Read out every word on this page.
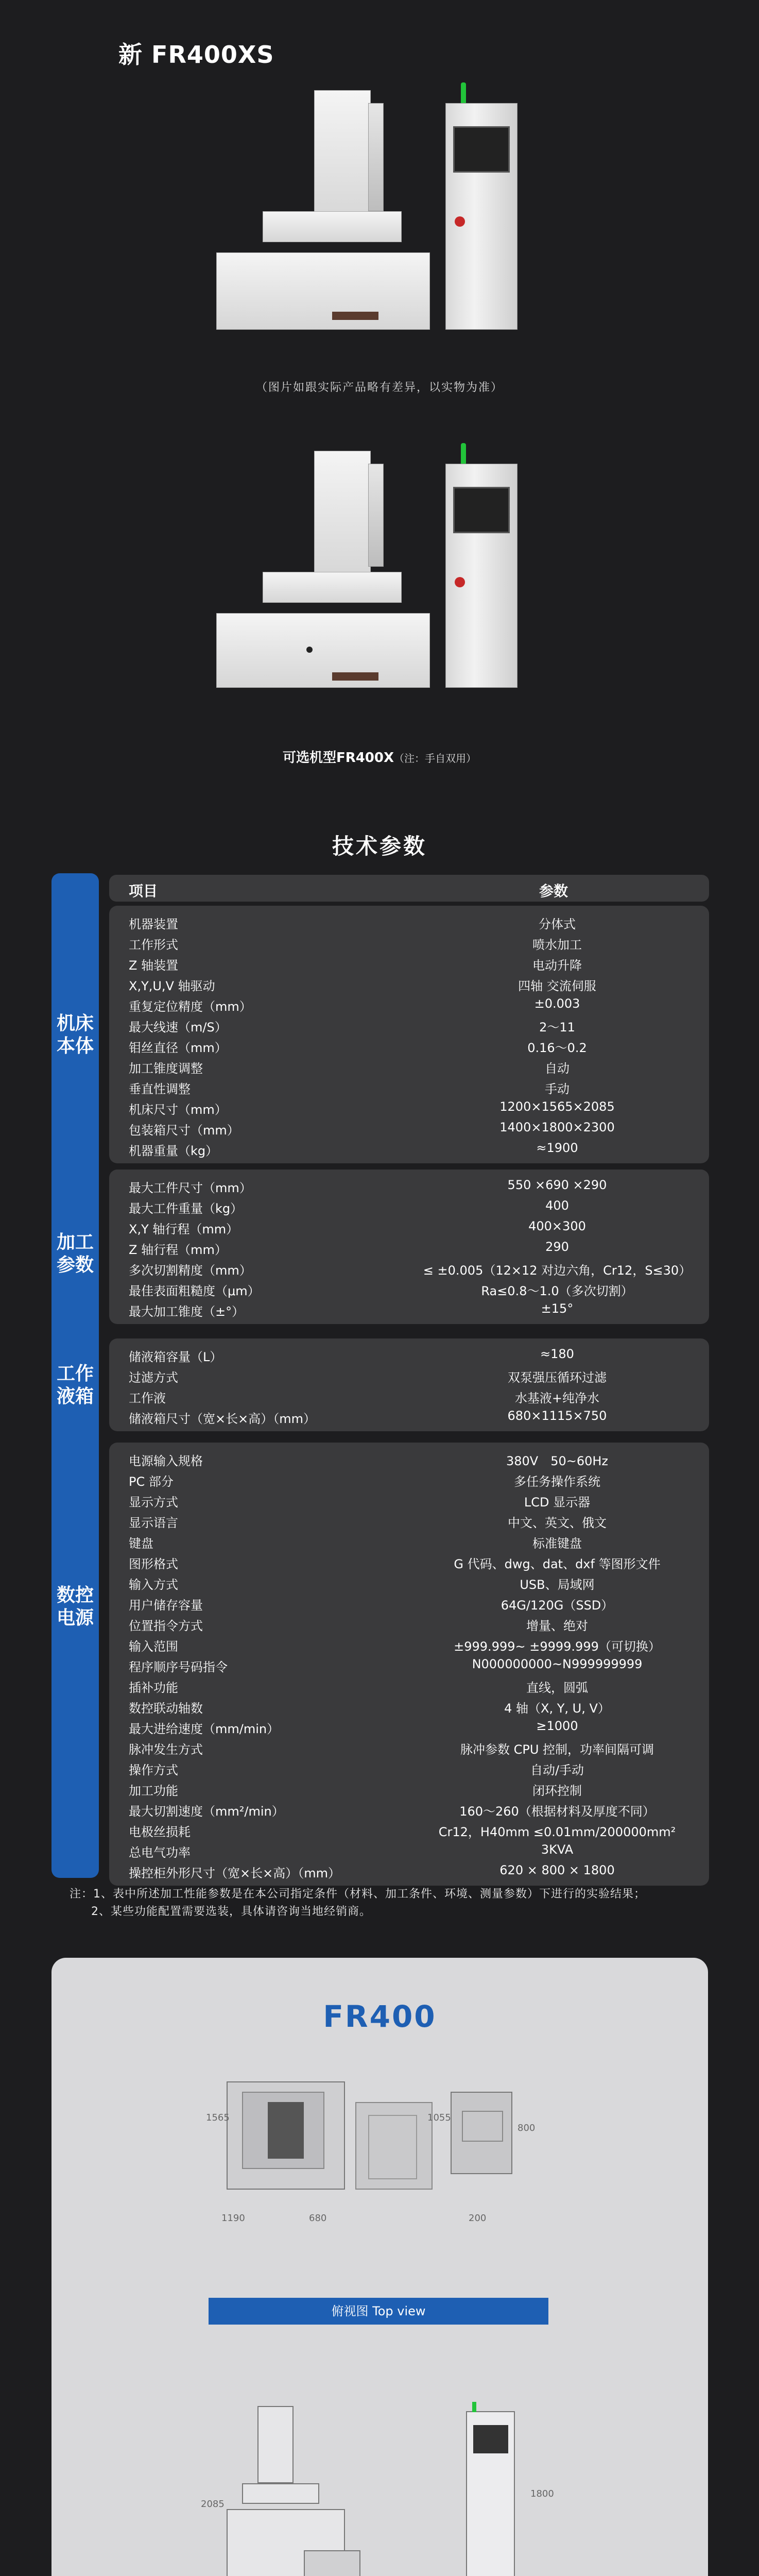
新 FR400XS
（图片如跟实际产品略有差异，以实物为准）
可选机型FR400X（注：手自双用）
技术参数
机床本体
加工参数
工作液箱
数控电源
项目	参数
机器装置	分体式
工作形式	喷水加工
Z 轴装置	电动升降
X,Y,U,V 轴驱动	四轴 交流伺服
重复定位精度（mm）	±0.003
最大线速（m/S）	2～11
钼丝直径（mm）	0.16～0.2
加工锥度调整	自动
垂直性调整	手动
机床尺寸（mm）	1200×1565×2085
包装箱尺寸（mm）	1400×1800×2300
机器重量（kg）	≈1900
最大工件尺寸（mm）	550 ×690 ×290
最大工件重量（kg）	400
X,Y 轴行程（mm）	400×300
Z 轴行程（mm）	290
多次切割精度（mm）	≤ ±0.005（12×12 对边六角，Cr12，S≤30）
最佳表面粗糙度（μm）	Ra≤0.8～1.0（多次切割）
最大加工锥度（±°）	±15°
储液箱容量（L）	≈180
过滤方式	双泵强压循环过滤
工作液	水基液+纯净水
储液箱尺寸（宽×长×高）（mm）	680×1115×750
电源输入规格	380V　50~60Hz
PC 部分	多任务操作系统
显示方式	LCD 显示器
显示语言	中文、英文、俄文
键盘	标准键盘
图形格式	G 代码、dwg、dat、dxf 等图形文件
输入方式	USB、局域网
用户储存容量	64G/120G（SSD）
位置指令方式	增量、绝对
输入范围	±999.999~ ±9999.999（可切换）
程序顺序号码指令	N000000000~N999999999
插补功能	直线，圆弧
数控联动轴数	4 轴（X, Y, U, V）
最大进给速度（mm/min）	≥1000
脉冲发生方式	脉冲参数 CPU 控制，功率间隔可调
操作方式	自动/手动
加工功能	闭环控制
最大切割速度（mm²/min）	160～260（根据材料及厚度不同）
电极丝损耗	Cr12，H40mm ≤0.01mm/200000mm²
总电气功率	3KVA
操控柜外形尺寸（宽×长×高）（mm）	620 × 800 × 1800
注：1、表中所述加工性能参数是在本公司指定条件（材料、加工条件、环境、测量参数）下进行的实验结果；
2、某些功能配置需要选装，具体请咨询当地经销商。
FR400
1190	680	200
1565	1055
800
俯视图 Top view
2085
1800
